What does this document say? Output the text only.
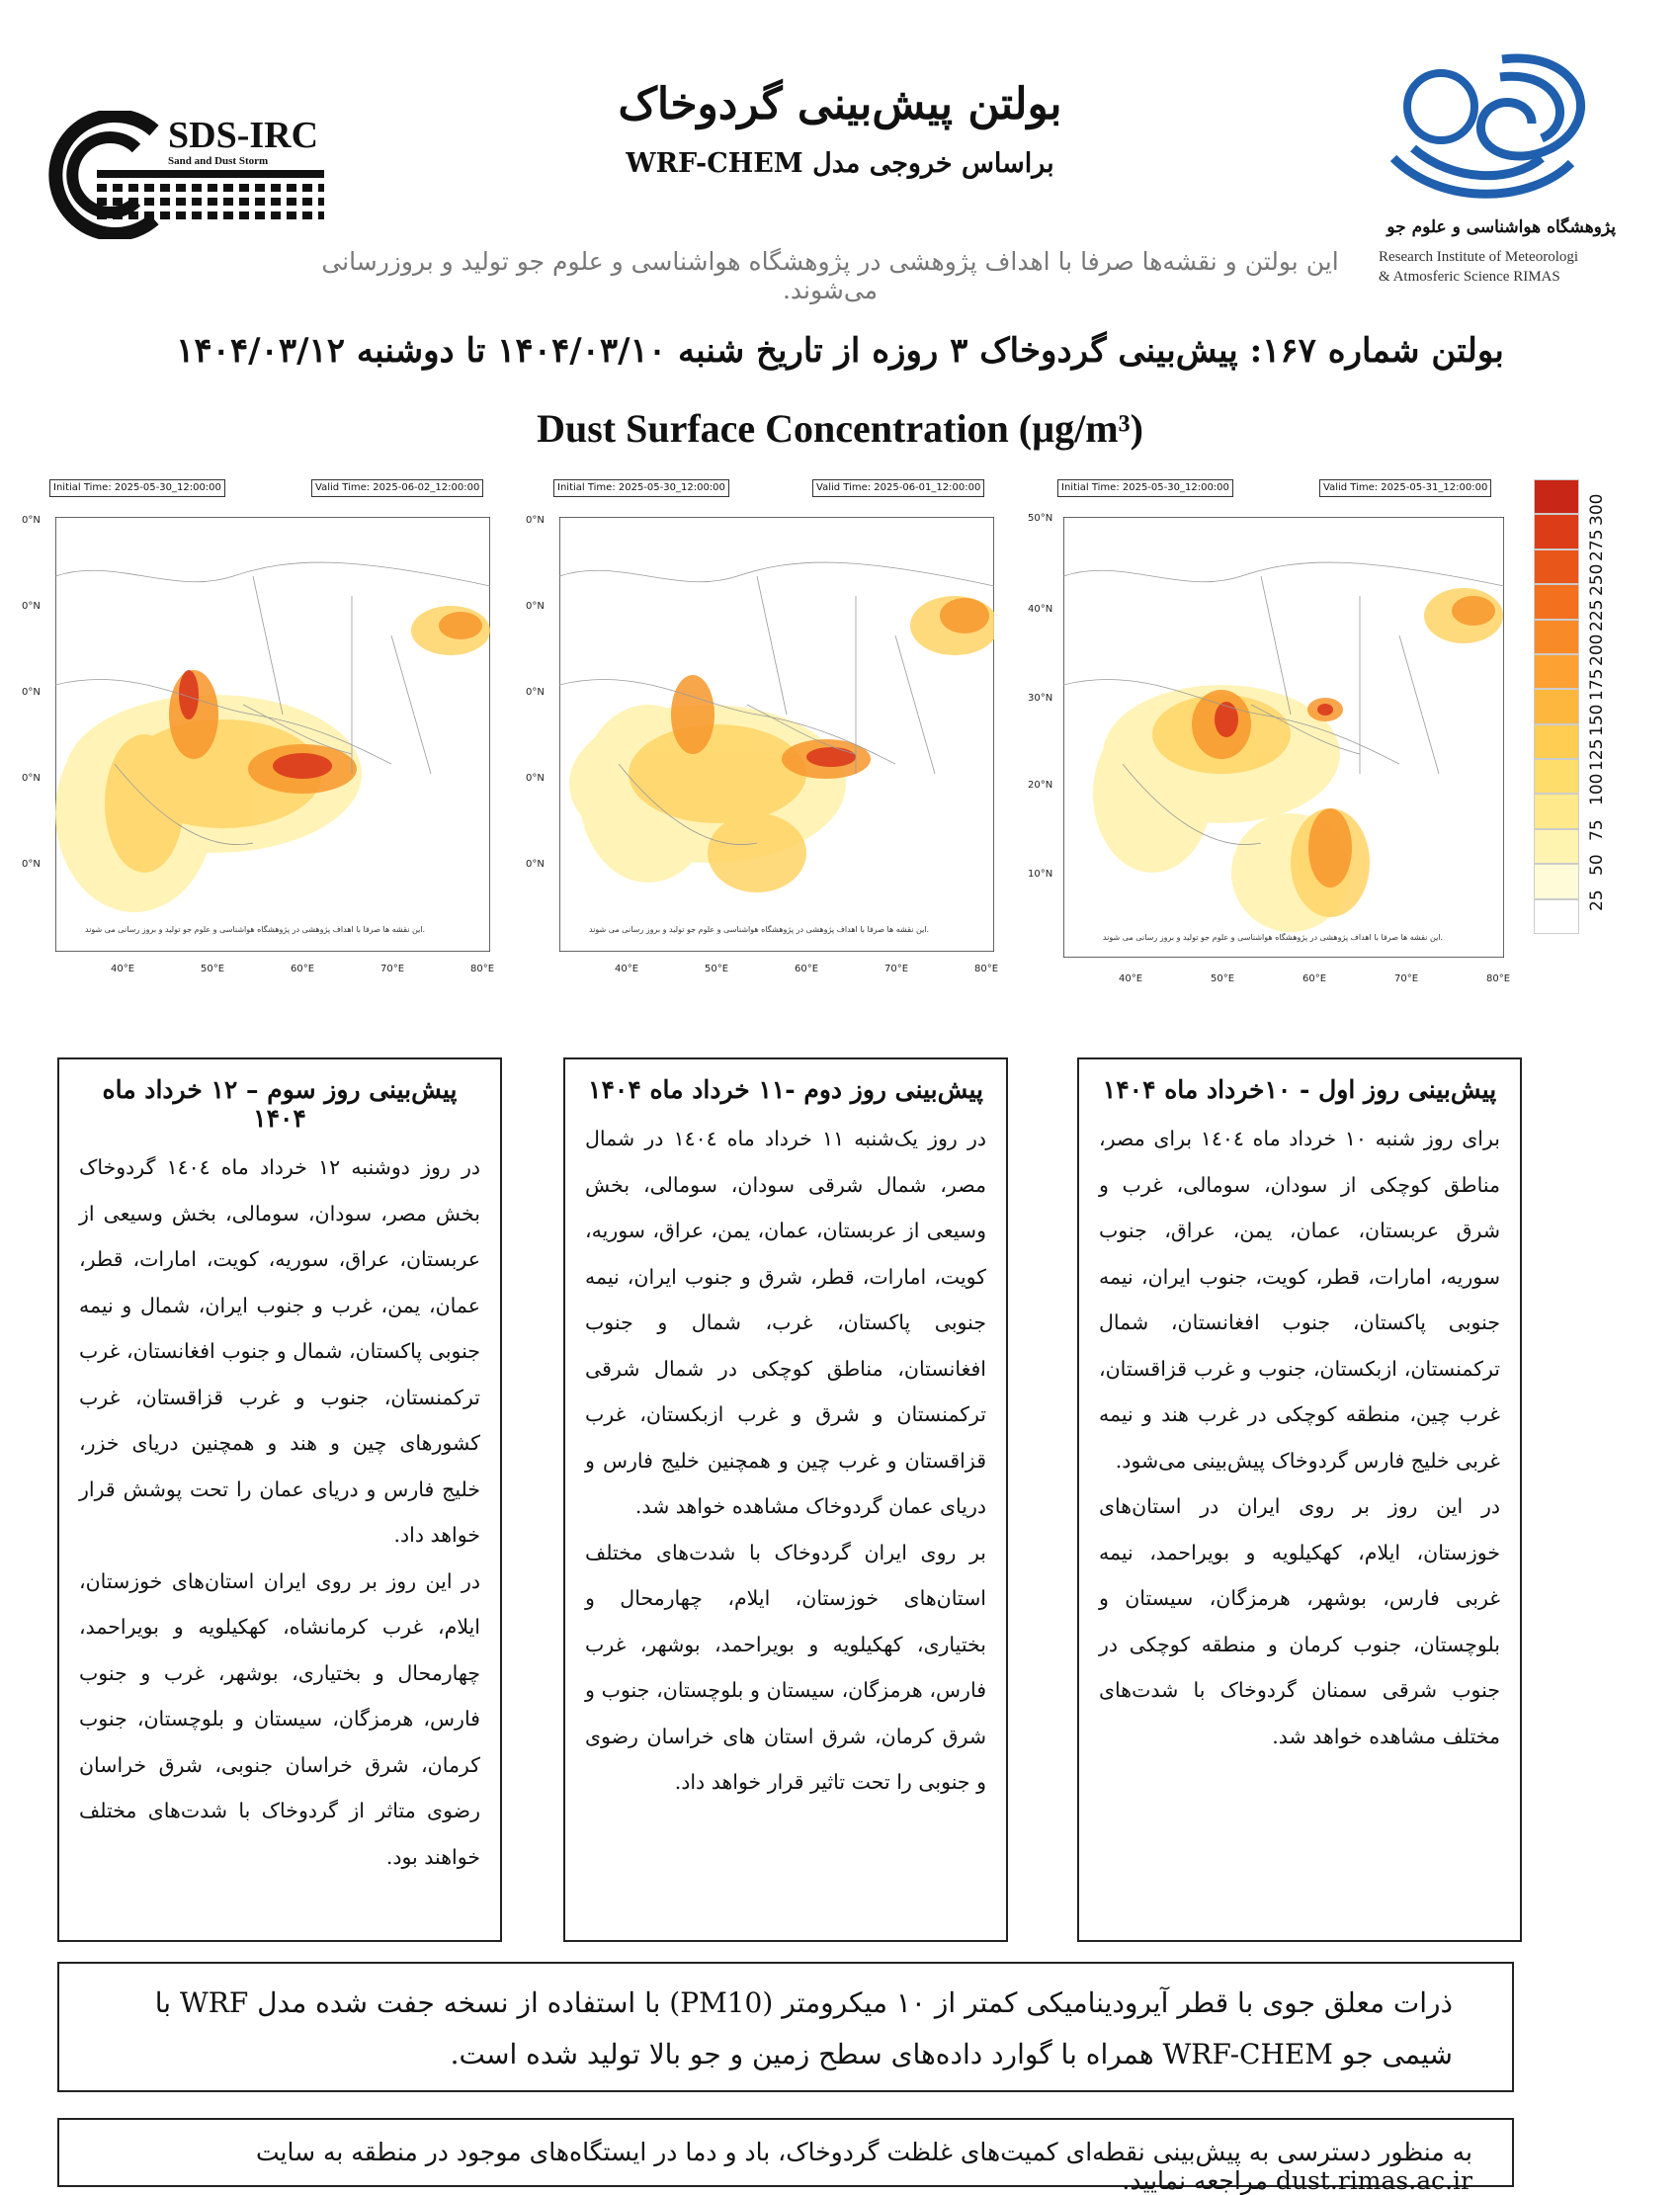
SDS-IRC
Sand and Dust Storm
International Research Center
بولتن پیش‌بینی گردوخاک
براساس خروجی مدل WRF-CHEM
این بولتن و نقشه‌ها صرفا با اهداف پژوهشی در پژوهشگاه هواشناسی و علوم جو تولید و بروزرسانی می‌شوند.
پژوهشگاه هواشناسی و علوم جو
Research Institute of Meteorologi
& Atmosferic Science RIMAS
بولتن شماره ۱۶۷: پیش‌بینی گردوخاک ۳ روزه از تاریخ شنبه ۱۴۰۴/۰۳/۱۰ تا دوشنبه ۱۴۰۴/۰۳/۱۲
Dust Surface Concentration (µg/m³)
Initial Time: 2025-05-30_12:00:00	Valid Time: 2025-06-02_12:00:00
این نقشه ها صرفا با اهداف پژوهشی در پژوهشگاه هواشناسی و علوم جو تولید و بروز رسانی می شوند.
0°N
0°N
0°N
0°N
0°N
40°E	50°E	60°E	70°E	80°E
Initial Time: 2025-05-30_12:00:00	Valid Time: 2025-06-01_12:00:00
این نقشه ها صرفا با اهداف پژوهشی در پژوهشگاه هواشناسی و علوم جو تولید و بروز رسانی می شوند.
0°N
0°N
0°N
0°N
0°N
40°E	50°E	60°E	70°E	80°E
Initial Time: 2025-05-30_12:00:00	Valid Time: 2025-05-31_12:00:00
این نقشه ها صرفا با اهداف پژوهشی در پژوهشگاه هواشناسی و علوم جو تولید و بروز رسانی می شوند.
50°N
40°N
30°N
20°N
10°N
40°E	50°E	60°E	70°E	80°E
پیش‌بینی روز اول - ۱۰خرداد ماه ۱۴۰۴

برای روز شنبه ۱۰ خرداد ماه ۱٤۰٤ برای مصر، مناطق کوچکی از سودان، سومالی، غرب و شرق عربستان، عمان، یمن، عراق، جنوب سوریه، امارات، قطر، کویت، جنوب ایران، نیمه جنوبی پاکستان، جنوب افغانستان، شمال ترکمنستان، ازبکستان، جنوب و غرب قزاقستان، غرب چین، منطقه کوچکی در غرب هند و نیمه غربی خلیج فارس گردوخاک پیش‌بینی می‌شود.

در این روز بر روی ایران در استان‌های خوزستان، ایلام، کهکیلویه و بویراحمد، نیمه غربی فارس، بوشهر، هرمزگان، سیستان و بلوچستان، جنوب کرمان و منطقه کوچکی در جنوب شرقی سمنان گردوخاک با شدت‌های مختلف مشاهده خواهد شد.

پیش‌بینی روز دوم -۱۱ خرداد ماه ۱۴۰۴

در روز یک‌شنبه ۱۱ خرداد ماه ۱٤۰٤ در شمال مصر، شمال شرقی سودان، سومالی، بخش وسیعی از عربستان، عمان، یمن، عراق، سوریه، کویت، امارات، قطر، شرق و جنوب ایران، نیمه جنوبی پاکستان، غرب، شمال و جنوب افغانستان، مناطق کوچکی در شمال شرقی ترکمنستان و شرق و غرب ازبکستان، غرب قزاقستان و غرب چین و همچنین خلیج فارس و دریای عمان گردوخاک مشاهده خواهد شد.

بر روی ایران گردوخاک با شدت‌های مختلف استان‌های خوزستان، ایلام، چهارمحال و بختیاری، کهکیلویه و بویراحمد، بوشهر، غرب فارس، هرمزگان، سیستان و بلوچستان، جنوب و شرق کرمان، شرق استان های خراسان رضوی و جنوبی را تحت تاثیر قرار خواهد داد.

پیش‌بینی روز سوم – ۱۲ خرداد ماه ۱۴۰۴

در روز دوشنبه ۱۲ خرداد ماه ۱٤۰٤ گردوخاک بخش مصر، سودان، سومالی، بخش وسیعی از عربستان، عراق، سوریه، کویت، امارات، قطر، عمان، یمن، غرب و جنوب ایران، شمال و نیمه جنوبی پاکستان، شمال و جنوب افغانستان، غرب ترکمنستان، جنوب و غرب قزاقستان، غرب کشورهای چین و هند و همچنین دریای خزر، خلیج فارس و دریای عمان را تحت پوشش قرار خواهد داد.

در این روز بر روی ایران استان‌های خوزستان، ایلام، غرب کرمانشاه، کهکیلویه و بویراحمد، چهارمحال و بختیاری، بوشهر، غرب و جنوب فارس، هرمزگان، سیستان و بلوچستان، جنوب کرمان، شرق خراسان جنوبی، شرق خراسان رضوی متاثر از گردوخاک با شدت‌های مختلف خواهند بود.

ذرات معلق جوی با قطر آیرودینامیکی کمتر از ۱۰ میکرومتر (PM10) با استفاده از نسخه جفت شده مدل WRF با شیمی جو WRF-CHEM همراه با گوارد داده‌های سطح زمین و جو بالا تولید شده است.
به منظور دسترسی به پیش‌بینی نقطه‌ای کمیت‌های غلظت گردوخاک، باد و دما در ایستگاه‌های موجود در منطقه به سایت dust.rimas.ac.ir مراجعه نمایید.
25
50
75
100
125
150
175
200
225
250
275
300
